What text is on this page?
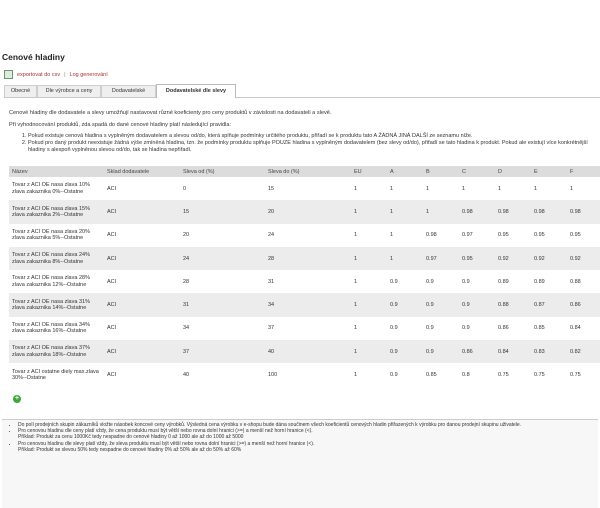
Cenové hladiny
exportovat do csv | Log generování
Obecné	Dle výrobce a ceny	Dodavatelské	Dodavatelské dle slevy
Cenové hladiny dle dodavatele a slevy umožňují nastavovat různé koeficienty pro ceny produktů v závislosti na dodavateli a slevě.
Při vyhodnocování produktů, zda spadá do dané cenové hladiny platí následující pravidla:
1. Pokud existuje cenová hladina s vyplněným dodavatelem a slevou od/do, která splňuje podmínky určitého produktu, přiřadí se k produktu tato A ŽÁDNÁ JINÁ DALŠÍ ze seznamu níže.
2. Pokud pro daný produkt neexistuje žádná výše zmíněná hladina, tzn. že podmínky produktu splňuje POUZE hladina s vyplněným dodavatelem (bez slevy od/do), přiřadí se tato hladina k produkt. Pokud ale existují více konkrétnější hladiny s alespoň vyplněnou slevou od/do, tak se hladina nepřiřadí.
Název	Sklad dodavatele	Sleva od (%)	Sleva do (%)	EU	A	B	C	D	E	F
Tovar z ACI OE nasa zlava 10% zlava zakaznika 0%--Ostatne	ACI	0	15	1	1	1	1	1	1	1
Tovar z ACI OE nasa zlava 15% zlava zakaznika 2%--Ostatne	ACI	15	20	1	1	1	0.98	0.98	0.98	0.98
Tovar z ACI OE nasa zlava 20% zlava zakaznika 5%--Ostatne	ACI	20	24	1	1	0.98	0.97	0.95	0.95	0.95
Tovar z ACI OE nasa zlava 24% zlava zakaznika 8%--Ostatne	ACI	24	28	1	1	0.97	0.95	0.92	0.92	0.92
Tovar z ACI OE nasa zlava 28% zlava zakaznika 12%--Ostatne	ACI	28	31	1	0.9	0.9	0.9	0.89	0.89	0.88
Tovar z ACI OE nasa zlava 31% zlava zakaznika 14%--Ostatne	ACI	31	34	1	0.9	0.9	0.9	0.88	0.87	0.86
Tovar z ACI OE nasa zlava 34% zlava zakaznika 16%--Ostatne	ACI	34	37	1	0.9	0.9	0.9	0.86	0.85	0.84
Tovar z ACI OE nasa zlava 37% zlava zakaznika 18%--Ostatne	ACI	37	40	1	0.9	0.9	0.86	0.84	0.83	0.82
Tovar z ACI ostatne diely max.zlava 30%--Ostatne	ACI	40	100	1	0.9	0.85	0.8	0.75	0.75	0.75
+
• Do polí prodejních skupin zákazníků vložte násobek koncové ceny výrobků. Výsledná cena výrobku v e-shopu bude dána součinem všech koeficientů cenových hladin přiřazených k výrobku pro danou prodejní skupinu uživatele.
• Pro cenovou hladinu dle ceny platí vždy, že cena produktu musí být větší nebo rovna dolní hranici (>=) a menší než horní hranice (<).
Příklad: Produkt za cenu 1000Kč tedy nespadne do cenové hladiny 0 až 1000 ale až do 1000 až 5000
• Pro cenovou hladinu dle slevy platí vždy, že sleva produktu musí být větší nebo rovna dolní hranici (>=) a menší než horní hranice (<).
Příklad: Produkt se slevou 50% tedy nespadne do cenové hladiny 0% až 50% ale až do 50% až 60%
